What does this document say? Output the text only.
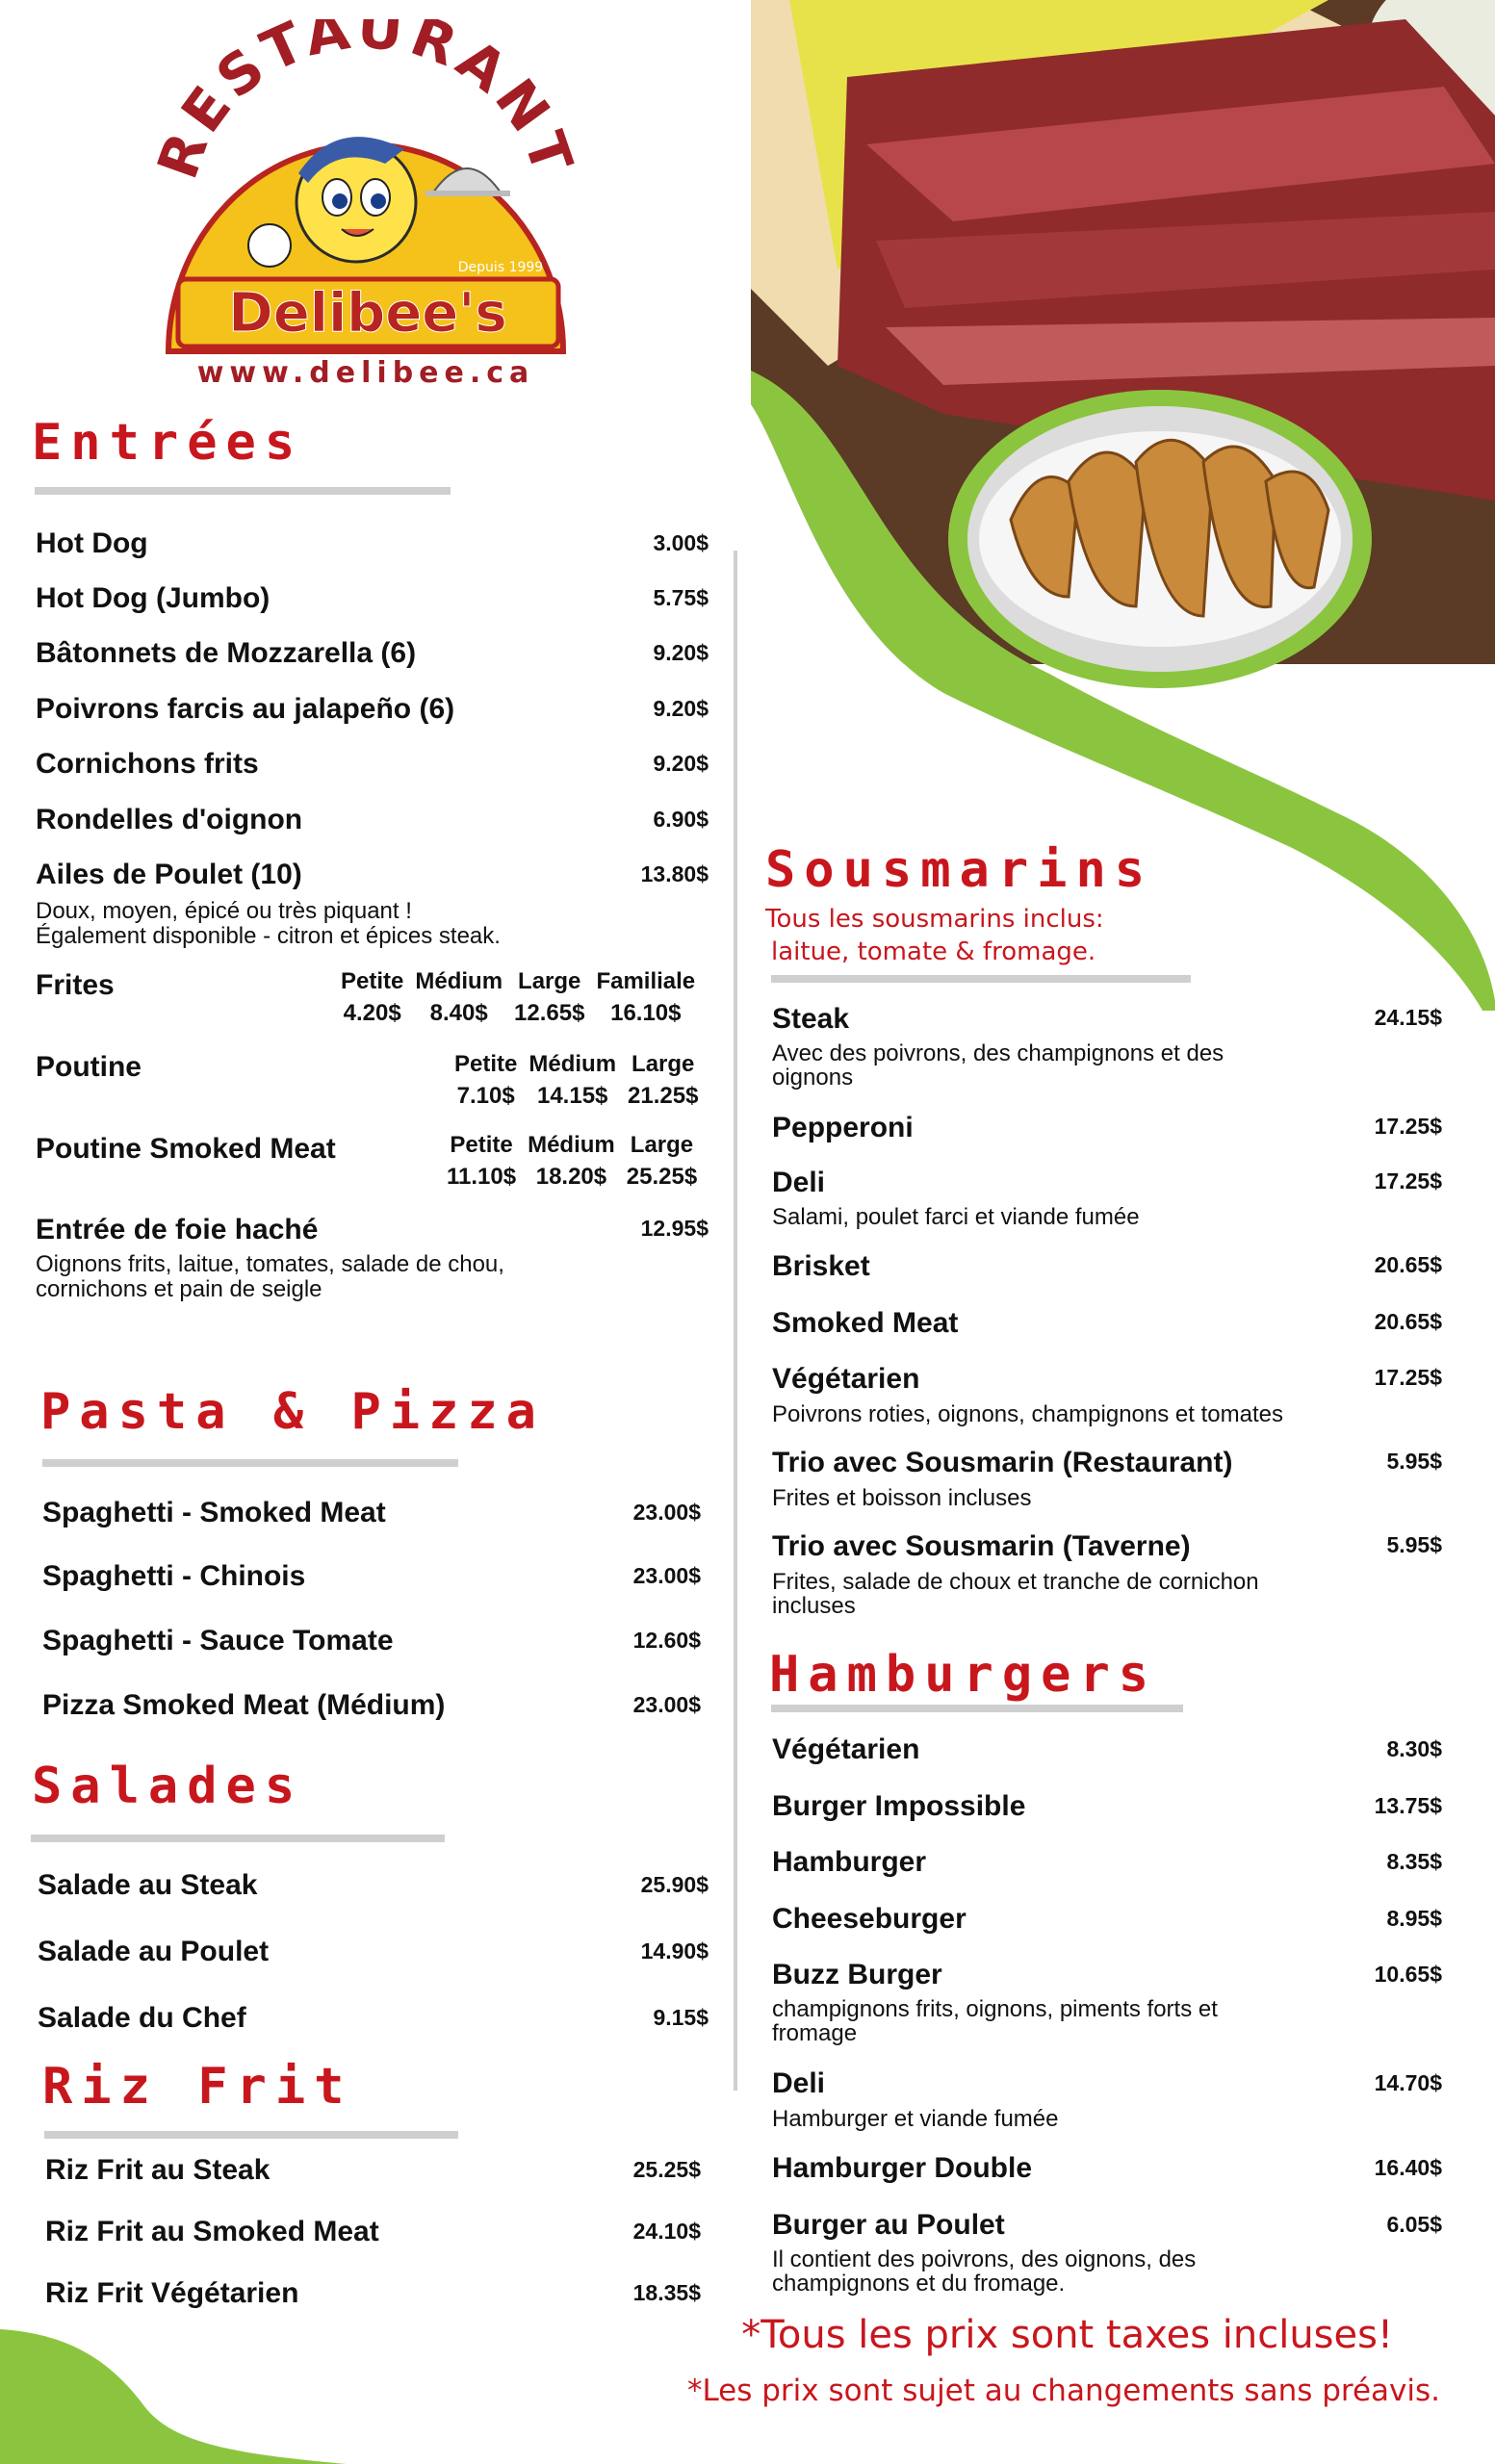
RESTAURANT
Delibee's
Depuis 1999
www.delibee.ca
Entrées
Hot Dog	3.00$
Hot Dog (Jumbo)	5.75$
Bâtonnets de Mozzarella (6)	9.20$
Poivrons farcis au jalapeño (6)	9.20$
Cornichons frits	9.20$
Rondelles d'oignon	6.90$
Ailes de Poulet (10)	13.80$
Doux, moyen, épicé ou très piquant !
Également disponible - citron et épices steak.
Frites	Petite	Médium	Large	Familiale
4.20$	8.40$	12.65$	16.10$
Poutine	Petite	Médium	Large
7.10$	14.15$	21.25$
Poutine Smoked Meat	Petite	Médium	Large
11.10$	18.20$	25.25$
Entrée de foie haché	12.95$
Oignons frits, laitue, tomates, salade de chou,
cornichons et pain de seigle
Pasta & Pizza
Spaghetti - Smoked Meat	23.00$
Spaghetti - Chinois	23.00$
Spaghetti - Sauce Tomate	12.60$
Pizza Smoked Meat (Médium)	23.00$
Salades
Salade au Steak	25.90$
Salade au Poulet	14.90$
Salade du Chef	9.15$
Riz Frit
Riz Frit au Steak	25.25$
Riz Frit au Smoked Meat	24.10$
Riz Frit Végétarien	18.35$
Sousmarins
Tous les sousmarins inclus:
laitue, tomate & fromage.
Steak	24.15$
Avec des poivrons, des champignons et des
oignons
Pepperoni	17.25$
Deli	17.25$
Salami, poulet farci et viande fumée
Brisket	20.65$
Smoked Meat	20.65$
Végétarien	17.25$
Poivrons roties, oignons, champignons et tomates
Trio avec Sousmarin (Restaurant)	5.95$
Frites et boisson incluses
Trio avec Sousmarin (Taverne)	5.95$
Frites, salade de choux et tranche de cornichon
incluses
Hamburgers
Végétarien	8.30$
Burger Impossible	13.75$
Hamburger	8.35$
Cheeseburger	8.95$
Buzz Burger	10.65$
champignons frits, oignons, piments forts et
fromage
Deli	14.70$
Hamburger et viande fumée
Hamburger Double	16.40$
Burger au Poulet	6.05$
Il contient des poivrons, des oignons, des
champignons et du fromage.
*Tous les prix sont taxes incluses!
*Les prix sont sujet au changements sans préavis.
